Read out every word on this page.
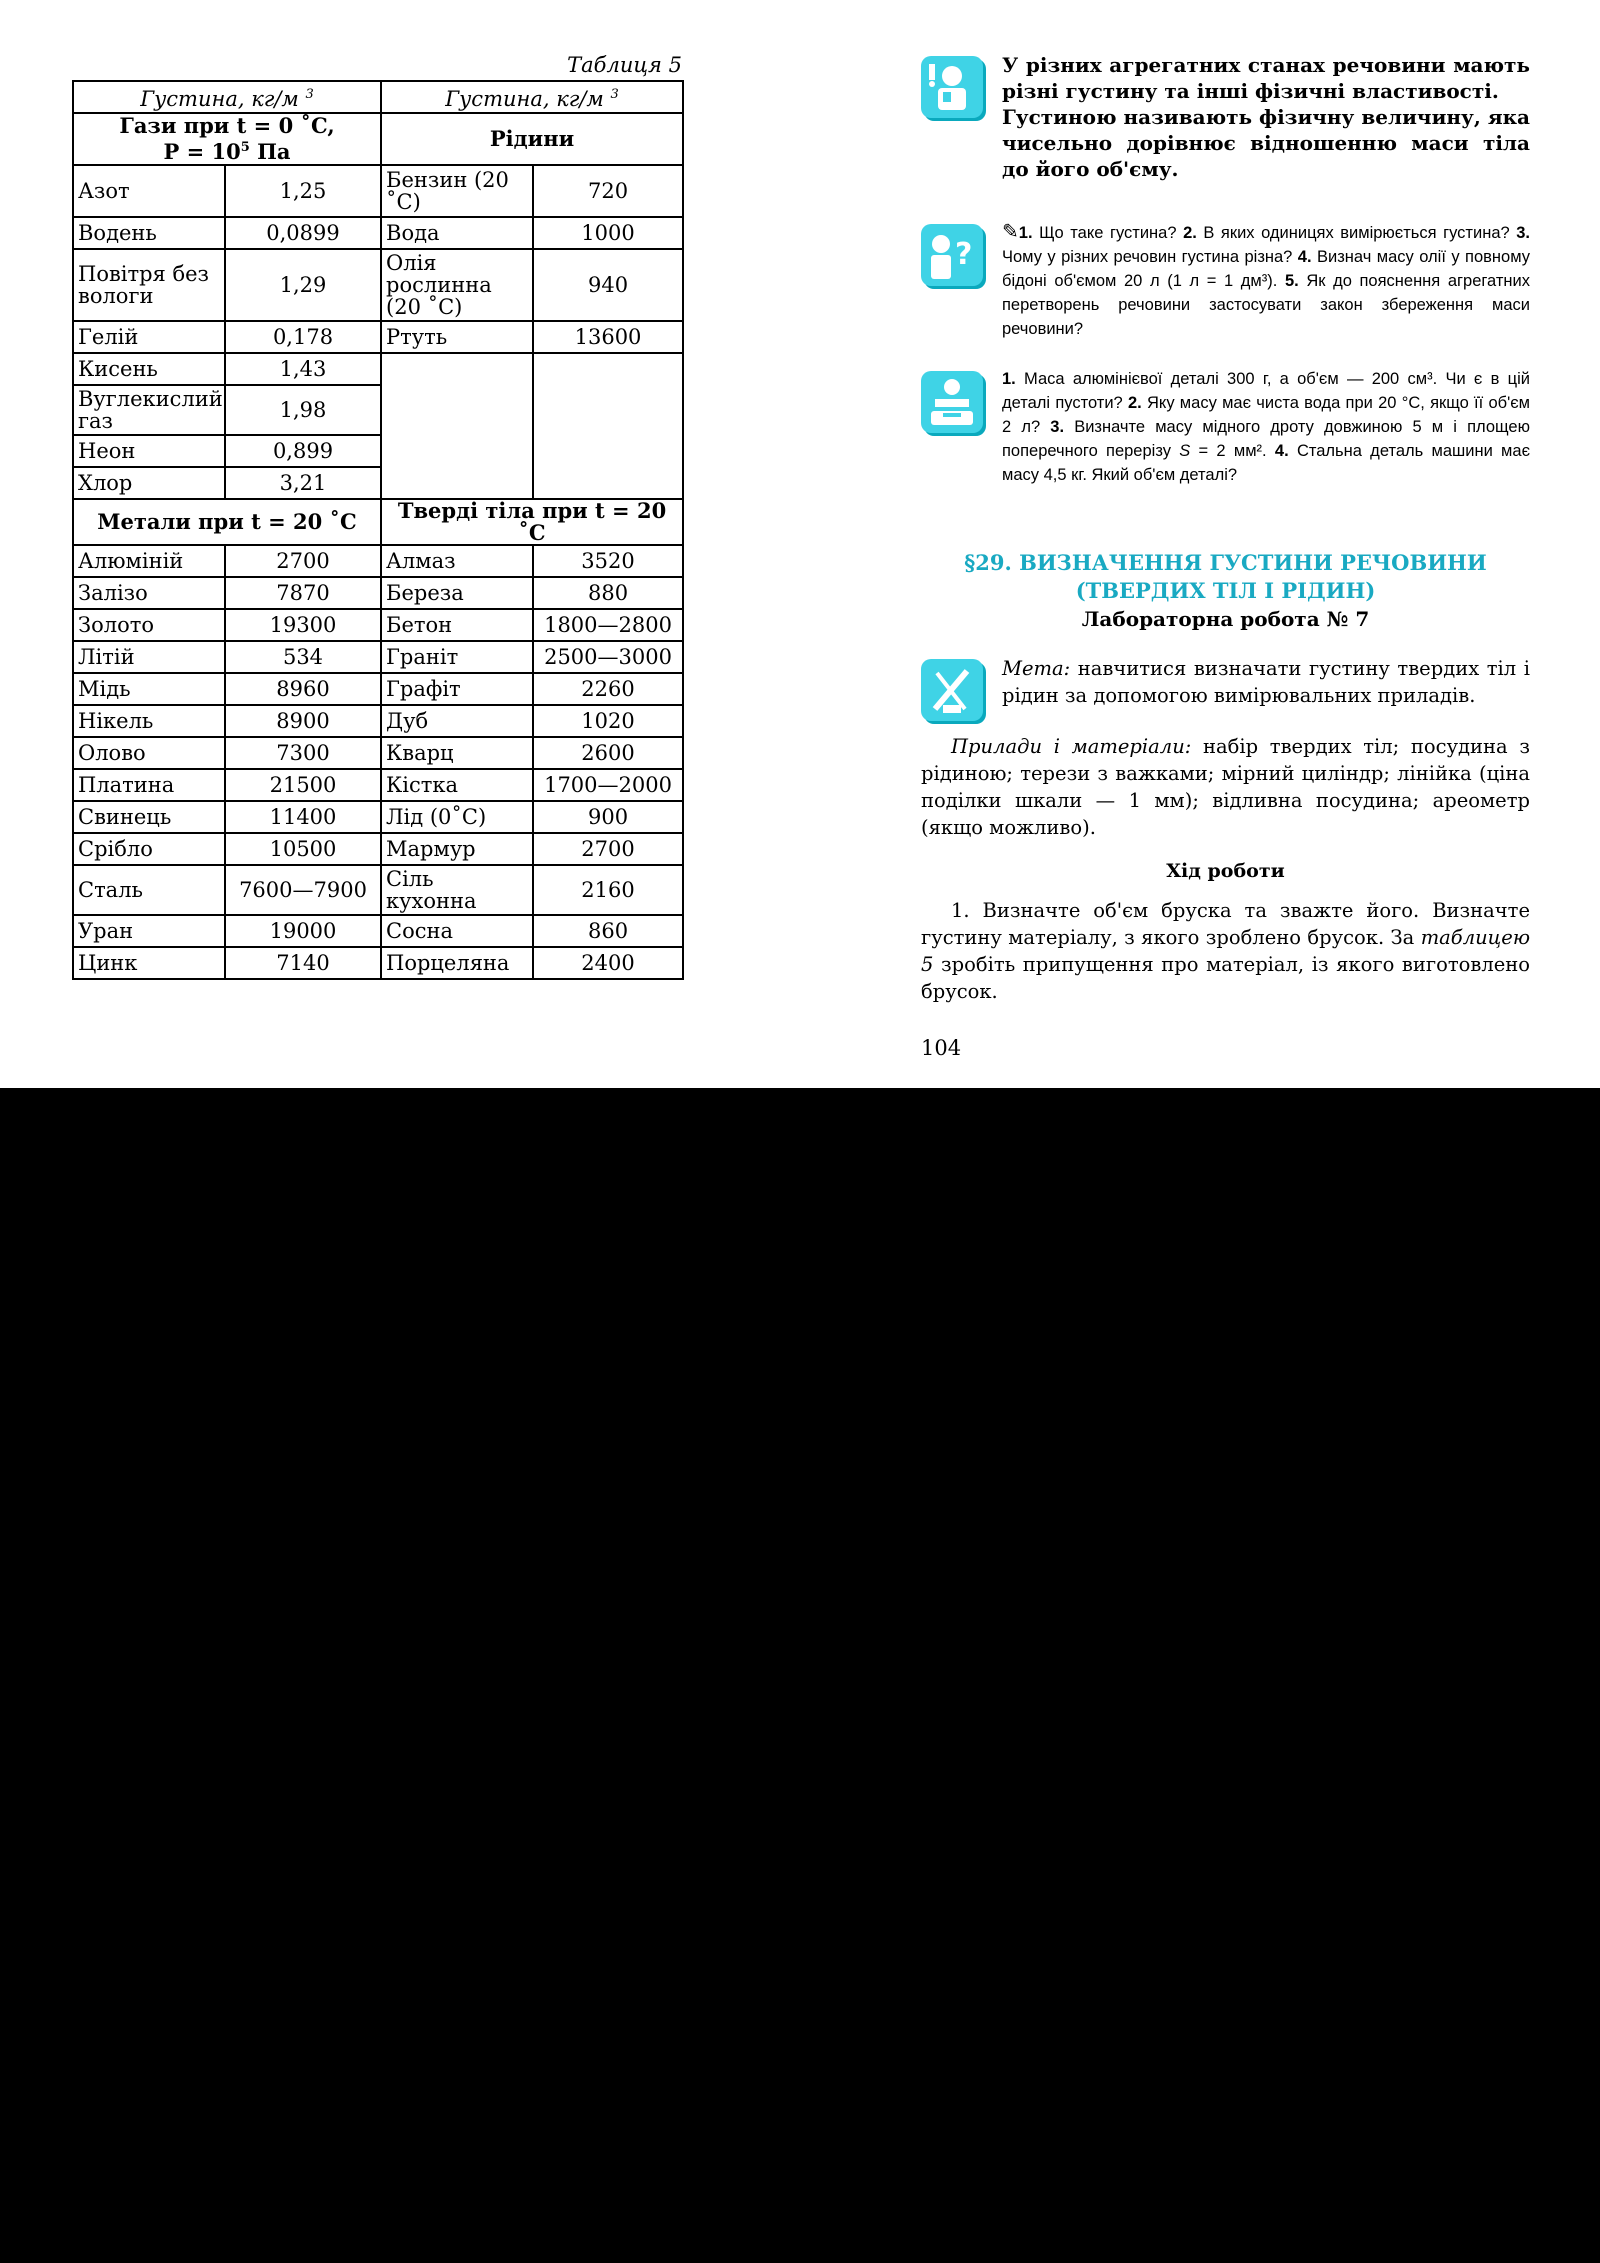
Таблиця 5
Густина, кг/м $^3$		Густина, кг/м $^3$

Гази при t = 0 ˚C,
$P = 10^5$ Па		Рідини	
Азот	1,25	Бензин (20 ˚C)	720
Водень	0,0899	Вода	1000
Повітря без вологи	1,29	Олія рослинна (20 ˚C)	940
Гелій	0,178	Ртуть	13600
Кисень	1,43		
Вуглекислий газ	1,98		
Неон	0,899		
Хлор	3,21		
Метали при t = 20 ˚C		Тверді тіла при t = 20 ˚C	
Алюміній	2700	Алмаз	3520
Залізо	7870	Береза	880
Золото	19300	Бетон	1800—2800
Літій	534	Граніт	2500—3000
Мідь	8960	Графіт	2260
Нікель	8900	Дуб	1020
Олово	7300	Кварц	2600
Платина	21500	Кістка	1700—2000
Свинець	11400	Лід (0˚C)	900
Срібло	10500	Мармур	2700
Сталь	7600—7900	Сіль кухонна	2160
Уран	19000	Сосна	860
Цинк	7140	Порцеляна	2400
103
У різних агрегатних станах речовини мають різні густину та інші фізичні властивості.
Густиною називають фізичну величину, яка чисельно дорівнює відношенню маси тіла до його об'єму.
?
✎1. Що таке густина? 2. В яких одиницях вимірюється густина? 3. Чому у різних речовин густина різна? 4. Визнач масу олії у повному бідоні об'ємом 20 л (1 л = 1 дм³). 5. Як до пояснення агрегатних перетворень речовини застосувати закон збереження маси речовини?
1. Маса алюмінієвої деталі 300 г, а об'єм — 200 см³. Чи є в цій деталі пустоти? 2. Яку масу має чиста вода при 20 °С, якщо її об'єм 2 л? 3. Визначте масу мідного дроту довжиною 5 м і площею поперечного перерізу S = 2 мм². 4. Стальна деталь машини має масу 4,5 кг. Який об'єм деталі?
§29. ВИЗНАЧЕННЯ ГУСТИНИ РЕЧОВИНИ
(ТВЕРДИХ ТІЛ І РІДИН)
Лабораторна робота № 7
Мета: навчитися визначати густину твердих тіл і рідин за допомогою вимірювальних приладів.
Прилади і матеріали: набір твердих тіл; посудина з рідиною; терези з важками; мірний циліндр; лінійка (ціна поділки шкали — 1 мм); відливна посудина; ареометр (якщо можливо).
Хід роботи
1. Визначте об'єм бруска та зважте його. Визначте густину матеріалу, з якого зроблено брусок. За таблицею 5 зробіть припущення про матеріал, із якого виготовлено брусок.
104
